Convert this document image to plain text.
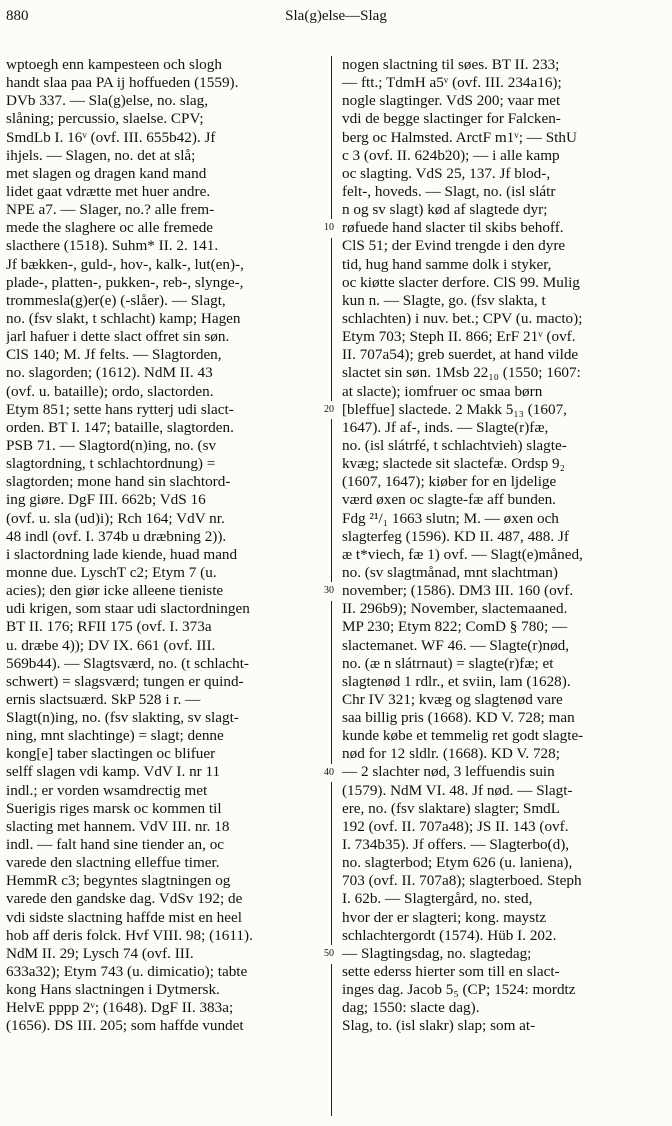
880	Sla(g)else—Slag
wptoegh enn kampesteen och slogh
handt slaa paa PA ij hoffueden (1559).
DVb 337. — Sla(g)else, no. slag,
slåning; percussio, slaelse. CPV;
SmdLb I. 16ᵛ (ovf. III. 655b42). Jf
ihjels. — Slagen, no. det at slå;
met slagen og dragen kand mand
lidet gaat vdrætte met huer andre.
NPE a7. — Slager, no.? alle frem-
mede the slaghere oc alle fremede
slacthere (1518). Suhm* II. 2. 141.
Jf bækken-, guld-, hov-, kalk-, lut(en)-,
plade-, platten-, pukken-, reb-, slynge-,
trommesla(g)er(e) (-slåer). — Slagt,
no. (fsv slakt, t schlacht) kamp; Hagen
jarl hafuer i dette slact offret sin søn.
ClS 140; M. Jf felts. — Slagtorden,
no. slagorden; (1612). NdM II. 43
(ovf. u. bataille); ordo, slactorden.
Etym 851; sette hans rytterj udi slact-
orden. BT I. 147; bataille, slagtorden.
PSB 71. — Slagtord(n)ing, no. (sv
slagtordning, t schlachtordnung) =
slagtorden; mone hand sin slachtord-
ing giøre. DgF III. 662b; VdS 16
(ovf. u. sla (ud)i); Rch 164; VdV nr.
48 indl (ovf. I. 374b u dræbning 2)).
i slactordning lade kiende, huad mand
monne due. LyschT c2; Etym 7 (u.
acies); den giør icke alleene tieniste
udi krigen, som staar udi slactordningen
BT II. 176; RFII 175 (ovf. I. 373a
u. dræbe 4)); DV IX. 661 (ovf. III.
569b44). — Slagtsværd, no. (t schlacht-
schwert) = slagsværd; tungen er quind-
ernis slactsuærd. SkP 528 i r. —
Slagt(n)ing, no. (fsv slakting, sv slagt-
ning, mnt slachtinge) = slagt; denne
kong[e] taber slactingen oc blifuer
selff slagen vdi kamp. VdV I. nr 11
indl.; er vorden wsamdrectig met
Suerigis riges marsk oc kommen til
slacting met hannem. VdV III. nr. 18
indl. — falt hand sine tiender an, oc
varede den slactning elleffue timer.
HemmR c3; begyntes slagtningen og
varede den gandske dag. VdSv 192; de
vdi sidste slactning haffde mist en heel
hob aff deris folck. Hvf VIII. 98; (1611).
NdM II. 29; Lysch 74 (ovf. III.
633a32); Etym 743 (u. dimicatio); tabte
kong Hans slactningen i Dytmersk.
HelvE pppp 2ᵛ; (1648). DgF II. 383a;
(1656). DS III. 205; som haffde vundet
nogen slactning til søes. BT II. 233;
— ftt.; TdmH a5ᵛ (ovf. III. 234a16);
nogle slagtinger. VdS 200; vaar met
vdi de begge slactinger for Falcken-
berg oc Halmsted. ArctF m1ᵛ; — SthU
c 3 (ovf. II. 624b20); — i alle kamp
oc slagting. VdS 25, 137. Jf blod-,
felt-, hoveds. — Slagt, no. (isl slátr
n og sv slagt) kød af slagtede dyr;
røfuede hand slacter til skibs behoff.
ClS 51; der Evind trengde i den dyre
tid, hug hand samme dolk i styker,
oc kiøtte slacter derfore. ClS 99. Mulig
kun n. — Slagte, go. (fsv slakta, t
schlachten) i nuv. bet.; CPV (u. macto);
Etym 703; Steph II. 866; ErF 21ᵛ (ovf.
II. 707a54); greb suerdet, at hand vilde
slactet sin søn. 1Msb 22₁₀ (1550; 1607:
at slacte); iomfruer oc smaa børn
[bleffue] slactede. 2 Makk 5₁₃ (1607,
1647). Jf af-, inds. — Slagte(r)fæ,
no. (isl slátrfé, t schlachtvieh) slagte-
kvæg; slactede sit slactefæ. Ordsp 9₂
(1607, 1647); kiøber for en ljdelige
værd øxen oc slagte-fæ aff bunden.
Fdg ²¹/₁ 1663 slutn; M. — øxen och
slagterfeg (1596). KD II. 487, 488. Jf
æ t*viech, fæ 1) ovf. — Slagt(e)måned,
no. (sv slagtmånad, mnt slachtman)
november; (1586). DM3 III. 160 (ovf.
II. 296b9); November, slactemaaned.
MP 230; Etym 822; ComD § 780; —
slactemanet. WF 46. — Slagte(r)nød,
no. (æ n slátrnaut) = slagte(r)fæ; et
slagtenød 1 rdlr., et sviin, lam (1628).
Chr IV 321; kvæg og slagtenød vare
saa billig pris (1668). KD V. 728; man
kunde købe et temmelig ret godt slagte-
nød for 12 sldlr. (1668). KD V. 728;
— 2 slachter nød, 3 leffuendis suin
(1579). NdM VI. 48. Jf nød. — Slagt-
ere, no. (fsv slaktare) slagter; SmdL
192 (ovf. II. 707a48); JS II. 143 (ovf.
I. 734b35). Jf offers. — Slagterbo(d),
no. slagterbod; Etym 626 (u. laniena),
703 (ovf. II. 707a8); slagterboed. Steph
I. 62b. — Slagtergård, no. sted,
hvor der er slagteri; kong. maystz
schlachtergordt (1574). Hüb I. 202.
— Slagtingsdag, no. slagtedag;
sette ederss hierter som till en slact-
inges dag. Jacob 5₅ (CP; 1524: mordtz
dag; 1550: slacte dag).
Slag, to. (isl slakr) slap; som at-
10
20
30
40
50
